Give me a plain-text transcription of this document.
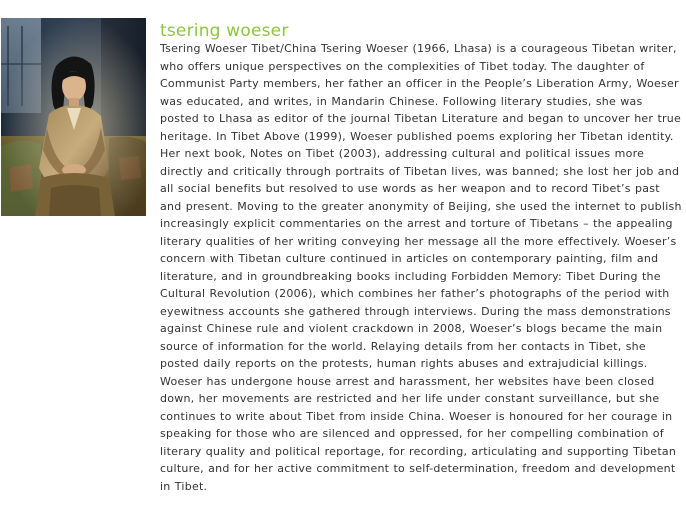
tsering woeser

Tsering Woeser Tibet/China Tsering Woeser (1966, Lhasa) is a courageous Tibetan writer, who offers unique perspectives on the complexities of Tibet today. The daughter of Communist Party members, her father an officer in the People’s Liberation Army, Woeser was educated, and writes, in Mandarin Chinese. Following literary studies, she was posted to Lhasa as editor of the journal Tibetan Literature and began to uncover her true heritage. In Tibet Above (1999), Woeser published poems exploring her Tibetan identity. Her next book, Notes on Tibet (2003), addressing cultural and political issues more directly and critically through portraits of Tibetan lives, was banned; she lost her job and all social benefits but resolved to use words as her weapon and to record Tibet’s past and present. Moving to the greater anonymity of Beijing, she used the internet to publish increasingly explicit commentaries on the arrest and torture of Tibetans – the appealing literary qualities of her writing conveying her message all the more effectively. Woeser’s concern with Tibetan culture continued in articles on contemporary painting, film and literature, and in groundbreaking books including Forbidden Memory: Tibet During the Cultural Revolution (2006), which combines her father’s photographs of the period with eyewitness accounts she gathered through interviews. During the mass demonstrations against Chinese rule and violent crackdown in 2008, Woeser’s blogs became the main source of information for the world. Relaying details from her contacts in Tibet, she posted daily reports on the protests, human rights abuses and extrajudicial killings. Woeser has undergone house arrest and harassment, her websites have been closed down, her movements are restricted and her life under constant surveillance, but she continues to write about Tibet from inside China. Woeser is honoured for her courage in speaking for those who are silenced and oppressed, for her compelling combination of literary quality and political reportage, for recording, articulating and supporting Tibetan culture, and for her active commitment to self-determination, freedom and development in Tibet.
